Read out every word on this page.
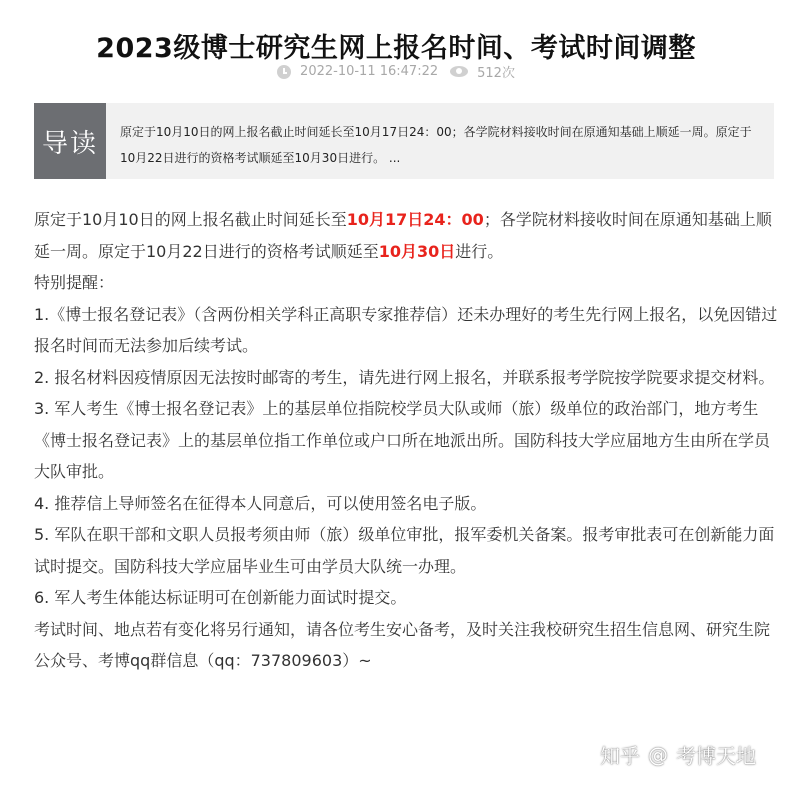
2023级博士研究生网上报名时间、考试时间调整
2022-10-11 16:47:22	512次
导读	原定于10月10日的网上报名截止时间延长至10月17日24：00；各学院材料接收时间在原通知基础上顺延一周。原定于10月22日进行的资格考试顺延至10月30日进行。 ...

原定于10月10日的网上报名截止时间延长至10月17日24：00；各学院材料接收时间在原通知基础上顺延一周。原定于10月22日进行的资格考试顺延至10月30日进行。

特别提醒：

1.《博士报名登记表》（含两份相关学科正高职专家推荐信）还未办理好的考生先行网上报名，以免因错过报名时间而无法参加后续考试。

2. 报名材料因疫情原因无法按时邮寄的考生，请先进行网上报名，并联系报考学院按学院要求提交材料。

3. 军人考生《博士报名登记表》上的基层单位指院校学员大队或师（旅）级单位的政治部门，地方考生《博士报名登记表》上的基层单位指工作单位或户口所在地派出所。国防科技大学应届地方生由所在学员大队审批。

4. 推荐信上导师签名在征得本人同意后，可以使用签名电子版。

5. 军队在职干部和文职人员报考须由师（旅）级单位审批，报军委机关备案。报考审批表可在创新能力面试时提交。国防科技大学应届毕业生可由学员大队统一办理。

6. 军人考生体能达标证明可在创新能力面试时提交。

考试时间、地点若有变化将另行通知，请各位考生安心备考，及时关注我校研究生招生信息网、研究生院公众号、考博qq群信息（qq：737809603）~

知乎 @ 考博天地
